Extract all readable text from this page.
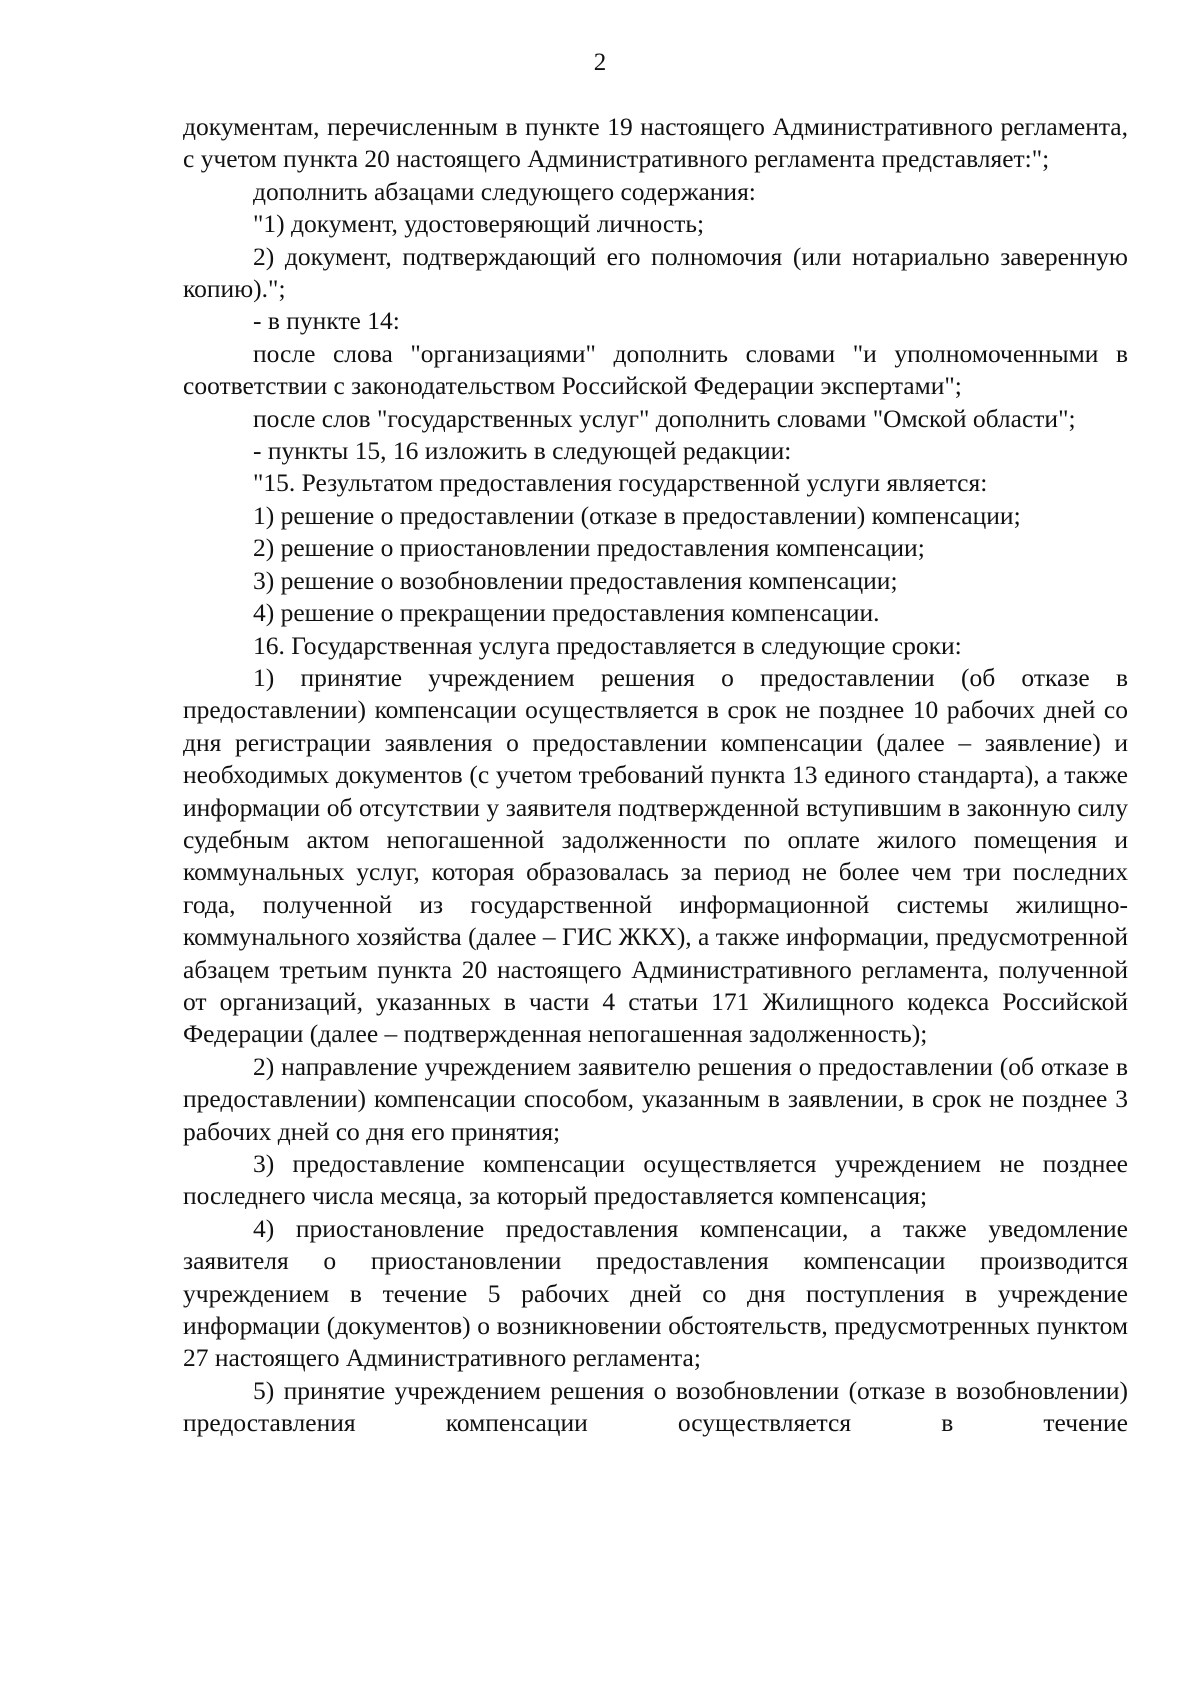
2

документам, перечисленным в пункте 19 настоящего Административного регламента, с учетом пункта 20 настоящего Административного регламента представляет:";

дополнить абзацами следующего содержания:

"1) документ, удостоверяющий личность;

2) документ, подтверждающий его полномочия (или нотариально заверенную копию).";

- в пункте 14:

после слова "организациями" дополнить словами "и уполномоченными в соответствии с законодательством Российской Федерации экспертами";

после слов "государственных услуг" дополнить словами "Омской области";

- пункты 15, 16 изложить в следующей редакции:

"15. Результатом предоставления государственной услуги является:

1) решение о предоставлении (отказе в предоставлении) компенсации;

2) решение о приостановлении предоставления компенсации;

3) решение о возобновлении предоставления компенсации;

4) решение о прекращении предоставления компенсации.

16. Государственная услуга предоставляется в следующие сроки:

1) принятие учреждением решения о предоставлении (об отказе в предоставлении) компенсации осуществляется в срок не позднее 10 рабочих дней со дня регистрации заявления о предоставлении компенсации (далее – заявление) и необходимых документов (с учетом требований пункта 13 единого стандарта), а также информации об отсутствии у заявителя подтвержденной вступившим в законную силу судебным актом непогашенной задолженности по оплате жилого помещения и коммунальных услуг, которая образовалась за период не более чем три последних года, полученной из государственной информационной системы жилищно-коммунального хозяйства (далее – ГИС ЖКХ), а также информации, предусмотренной абзацем третьим пункта 20 настоящего Административного регламента, полученной от организаций, указанных в части 4 статьи 171 Жилищного кодекса Российской Федерации (далее – подтвержденная непогашенная задолженность);

2) направление учреждением заявителю решения о предоставлении (об отказе в предоставлении) компенсации способом, указанным в заявлении, в срок не позднее 3 рабочих дней со дня его принятия;

3) предоставление компенсации осуществляется учреждением не позднее последнего числа месяца, за который предоставляется компенсация;

4) приостановление предоставления компенсации, а также уведомление заявителя о приостановлении предоставления компенсации производится учреждением в течение 5 рабочих дней со дня поступления в учреждение информации (документов) о возникновении обстоятельств, предусмотренных пунктом 27 настоящего Административного регламента;

5) принятие учреждением решения о возобновлении (отказе в возобновлении) предоставления компенсации осуществляется в течение
